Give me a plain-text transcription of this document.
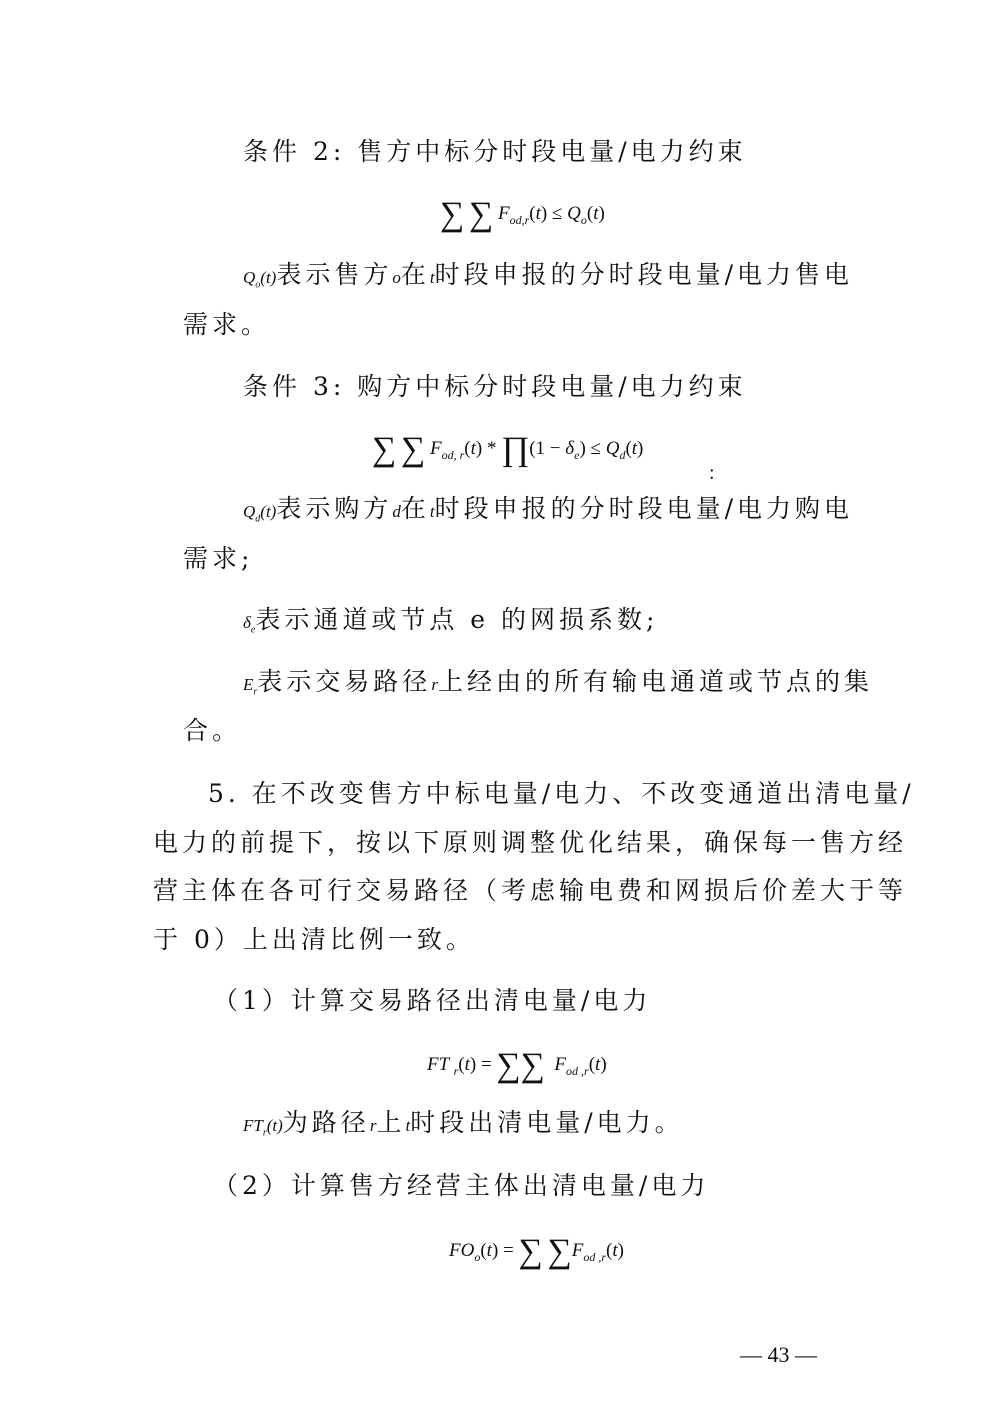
条件 2: 售方中标分时段电量/电力约束
∑ ∑ $F_{od,r}(t) \le Q_o(t)$
$Q_o(t)$表示售方o在t时段申报的分时段电量/电力售电
需求。
条件 3: 购方中标分时段电量/电力约束
∑ ∑ $F_{od, r}(t)$ * ∏(1 − $\delta_e) \le Q_d(t)$
:
$Q_d(t)$表示购方d在t时段申报的分时段电量/电力购电
需求;
$\delta_e$表示通道或节点 e 的网损系数;
$E_r$表示交易路径r上经由的所有输电通道或节点的集
合。
5. 在不改变售方中标电量/电力、不改变通道出清电量/
电力的前提下，按以下原则调整优化结果，确保每一售方经
营主体在各可行交易路径（考虑输电费和网损后价差大于等
于 0）上出清比例一致。
（1）计算交易路径出清电量/电力
FT $_r$(t) = ∑∑  $F_{od ,r}(t)$
$FT_r(t)$为路径r上t时段出清电量/电力。
（2）计算售方经营主体出清电量/电力
$FO_o(t)$ = ∑ $\sum F_{od ,r}(t)$
— 43 —
